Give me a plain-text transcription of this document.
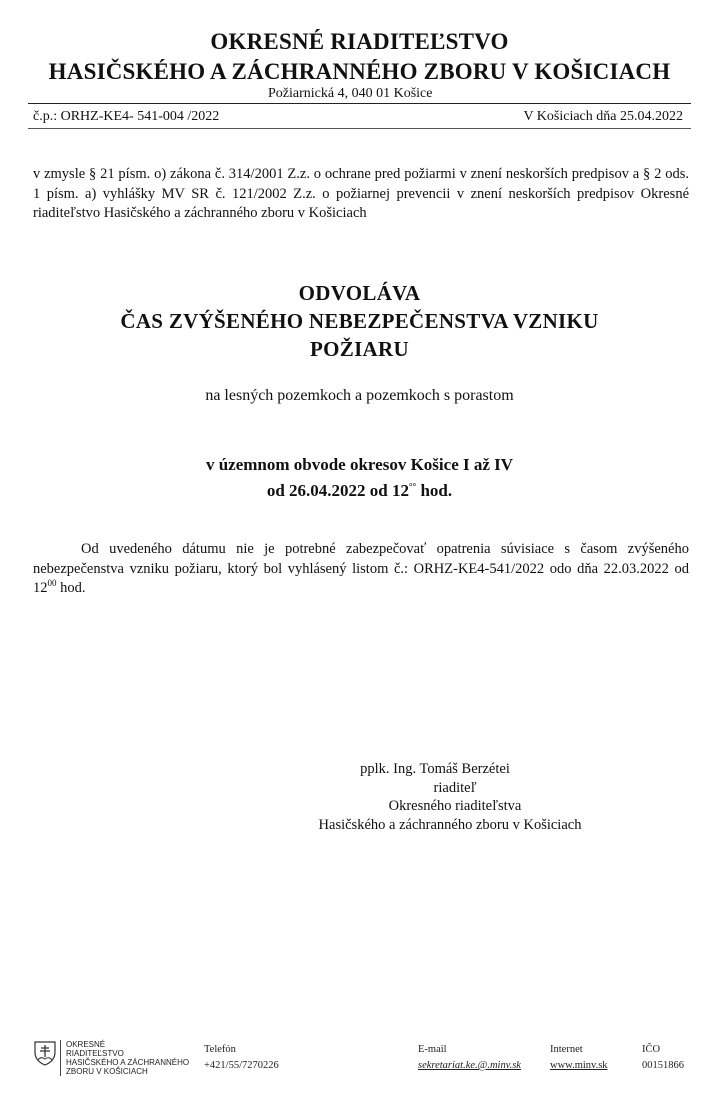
OKRESNÉ RIADITEĽSTVO
HASIČSKÉHO A ZÁCHRANNÉHO ZBORU V KOŠICIACH
Požiarnická 4, 040 01 Košice
č.p.: ORHZ-KE4- 541-004 /2022	V Košiciach dňa 25.04.2022
v zmysle § 21 písm. o) zákona č. 314/2001 Z.z. o ochrane pred požiarmi v znení neskorších predpisov a § 2 ods. 1 písm. a) vyhlášky MV SR č. 121/2002 Z.z. o požiarnej prevencii v znení neskorších predpisov Okresné riaditeľstvo Hasičského a záchranného zboru v Košiciach
ODVOLÁVA
ČAS ZVÝŠENÉHO NEBEZPEČENSTVA VZNIKU
POŽIARU
na lesných pozemkoch a pozemkoch s porastom
v územnom obvode okresov Košice I až IV
od 26.04.2022 od 12°° hod.
Od uvedeného dátumu nie je potrebné zabezpečovať opatrenia súvisiace s časom zvýšeného nebezpečenstva vzniku požiaru, ktorý bol vyhlásený listom č.: ORHZ-KE4-541/2022 odo dňa 22.03.2022 od $12^{00}$ hod.
pplk. Ing. Tomáš Berzétei
riaditeľ
Okresného riaditeľstva
Hasičského a záchranného zboru v Košiciach
OKRESNÉ
RIADITEĽSTVO
HASIČSKÉHO A ZÁCHRANNÉHO
ZBORU V KOŠICIACH
Telefón
+421/55/7270226
E-mail
sekretariat.ke.@.minv.sk
Internet
www.minv.sk
IČO
00151866
